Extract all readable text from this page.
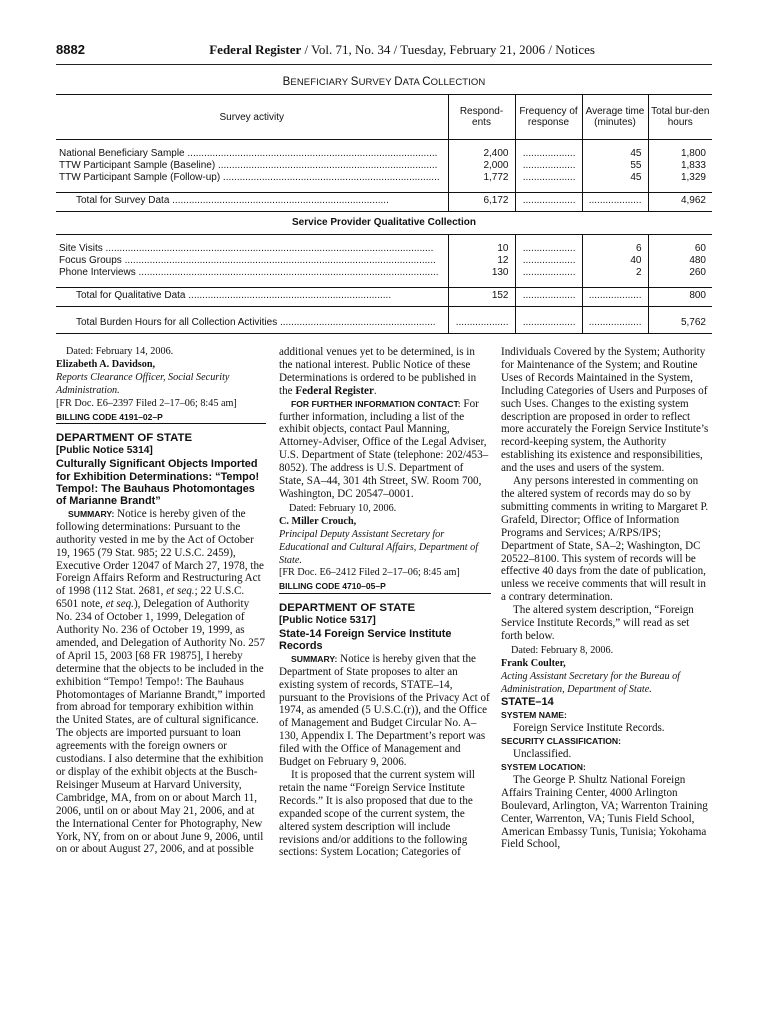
8882	Federal Register / Vol. 71, No. 34 / Tuesday, February 21, 2006 / Notices
BENEFICIARY SURVEY DATA COLLECTION
Survey activity	Respond-ents	Frequency of response	Average time (minutes)	Total bur-den hours

National Beneficiary Sample ..........................................................................................	2,400	...................	45	1,800
TTW Participant Sample (Baseline) ...............................................................................	2,000	...................	55	1,833
TTW Participant Sample (Follow-up) ..............................................................................	1,772	...................	45	1,329

Total for Survey Data ..............................................................................	6,172	...................	...................	4,962
Service Provider Qualitative Collection				

Site Visits ......................................................................................................................	10	...................	6	60
Focus Groups ................................................................................................................	12	...................	40	480
Phone Interviews ............................................................................................................	130	...................	2	260

Total for Qualitative Data .........................................................................	152	...................	...................	800

Total Burden Hours for all Collection Activities ........................................................	...................	...................	...................	5,762

Dated: February 14, 2006.

Elizabeth A. Davidson,

Reports Clearance Officer, Social Security Administration.

[FR Doc. E6–2397 Filed 2–17–06; 8:45 am]

BILLING CODE 4191–02–P

DEPARTMENT OF STATE

[Public Notice 5314]

Culturally Significant Objects Imported for Exhibition Determinations: “Tempo! Tempo!: The Bauhaus Photomontages of Marianne Brandt”

SUMMARY: Notice is hereby given of the following determinations: Pursuant to the authority vested in me by the Act of October 19, 1965 (79 Stat. 985; 22 U.S.C. 2459), Executive Order 12047 of March 27, 1978, the Foreign Affairs Reform and Restructuring Act of 1998 (112 Stat. 2681, et seq.; 22 U.S.C. 6501 note, et seq.), Delegation of Authority No. 234 of October 1, 1999, Delegation of Authority No. 236 of October 19, 1999, as amended, and Delegation of Authority No. 257 of April 15, 2003 [68 FR 19875], I hereby determine that the objects to be included in the exhibition “Tempo! Tempo!: The Bauhaus Photomontages of Marianne Brandt,” imported from abroad for temporary exhibition within the United States, are of cultural significance. The objects are imported pursuant to loan agreements with the foreign owners or custodians. I also determine that the exhibition or display of the exhibit objects at the Busch-Reisinger Museum at Harvard University, Cambridge, MA, from on or about March 11, 2006, until on or about May 21, 2006, and at the International Center for Photography, New York, NY, from on or about June 9, 2006, until on or about August 27, 2006, and at possible

additional venues yet to be determined, is in the national interest. Public Notice of these Determinations is ordered to be published in the Federal Register.

FOR FURTHER INFORMATION CONTACT: For further information, including a list of the exhibit objects, contact Paul Manning, Attorney-Adviser, Office of the Legal Adviser, U.S. Department of State (telephone: 202/453–8052). The address is U.S. Department of State, SA–44, 301 4th Street, SW. Room 700, Washington, DC 20547–0001.

Dated: February 10, 2006.

C. Miller Crouch,

Principal Deputy Assistant Secretary for Educational and Cultural Affairs, Department of State.

[FR Doc. E6–2412 Filed 2–17–06; 8:45 am]

BILLING CODE 4710–05–P

DEPARTMENT OF STATE

[Public Notice 5317]

State-14 Foreign Service Institute Records

SUMMARY: Notice is hereby given that the Department of State proposes to alter an existing system of records, STATE–14, pursuant to the Provisions of the Privacy Act of 1974, as amended (5 U.S.C.(r)), and the Office of Management and Budget Circular No. A–130, Appendix I. The Department’s report was filed with the Office of Management and Budget on February 9, 2006.

It is proposed that the current system will retain the name “Foreign Service Institute Records.” It is also proposed that due to the expanded scope of the current system, the altered system description will include revisions and/or additions to the following sections: System Location; Categories of

Individuals Covered by the System; Authority for Maintenance of the System; and Routine Uses of Records Maintained in the System, Including Categories of Users and Purposes of such Uses. Changes to the existing system description are proposed in order to reflect more accurately the Foreign Service Institute’s record-keeping system, the Authority establishing its existence and responsibilities, and the uses and users of the system.

Any persons interested in commenting on the altered system of records may do so by submitting comments in writing to Margaret P. Grafeld, Director; Office of Information Programs and Services; A/RPS/IPS; Department of State, SA–2; Washington, DC 20522–8100. This system of records will be effective 40 days from the date of publication, unless we receive comments that will result in a contrary determination.

The altered system description, “Foreign Service Institute Records,” will read as set forth below.

Dated: February 8, 2006.

Frank Coulter,

Acting Assistant Secretary for the Bureau of Administration, Department of State.

STATE–14

SYSTEM NAME:

Foreign Service Institute Records.

SECURITY CLASSIFICATION:

Unclassified.

SYSTEM LOCATION:

The George P. Shultz National Foreign Affairs Training Center, 4000 Arlington Boulevard, Arlington, VA; Warrenton Training Center, Warrenton, VA; Tunis Field School, American Embassy Tunis, Tunisia; Yokohama Field School,
